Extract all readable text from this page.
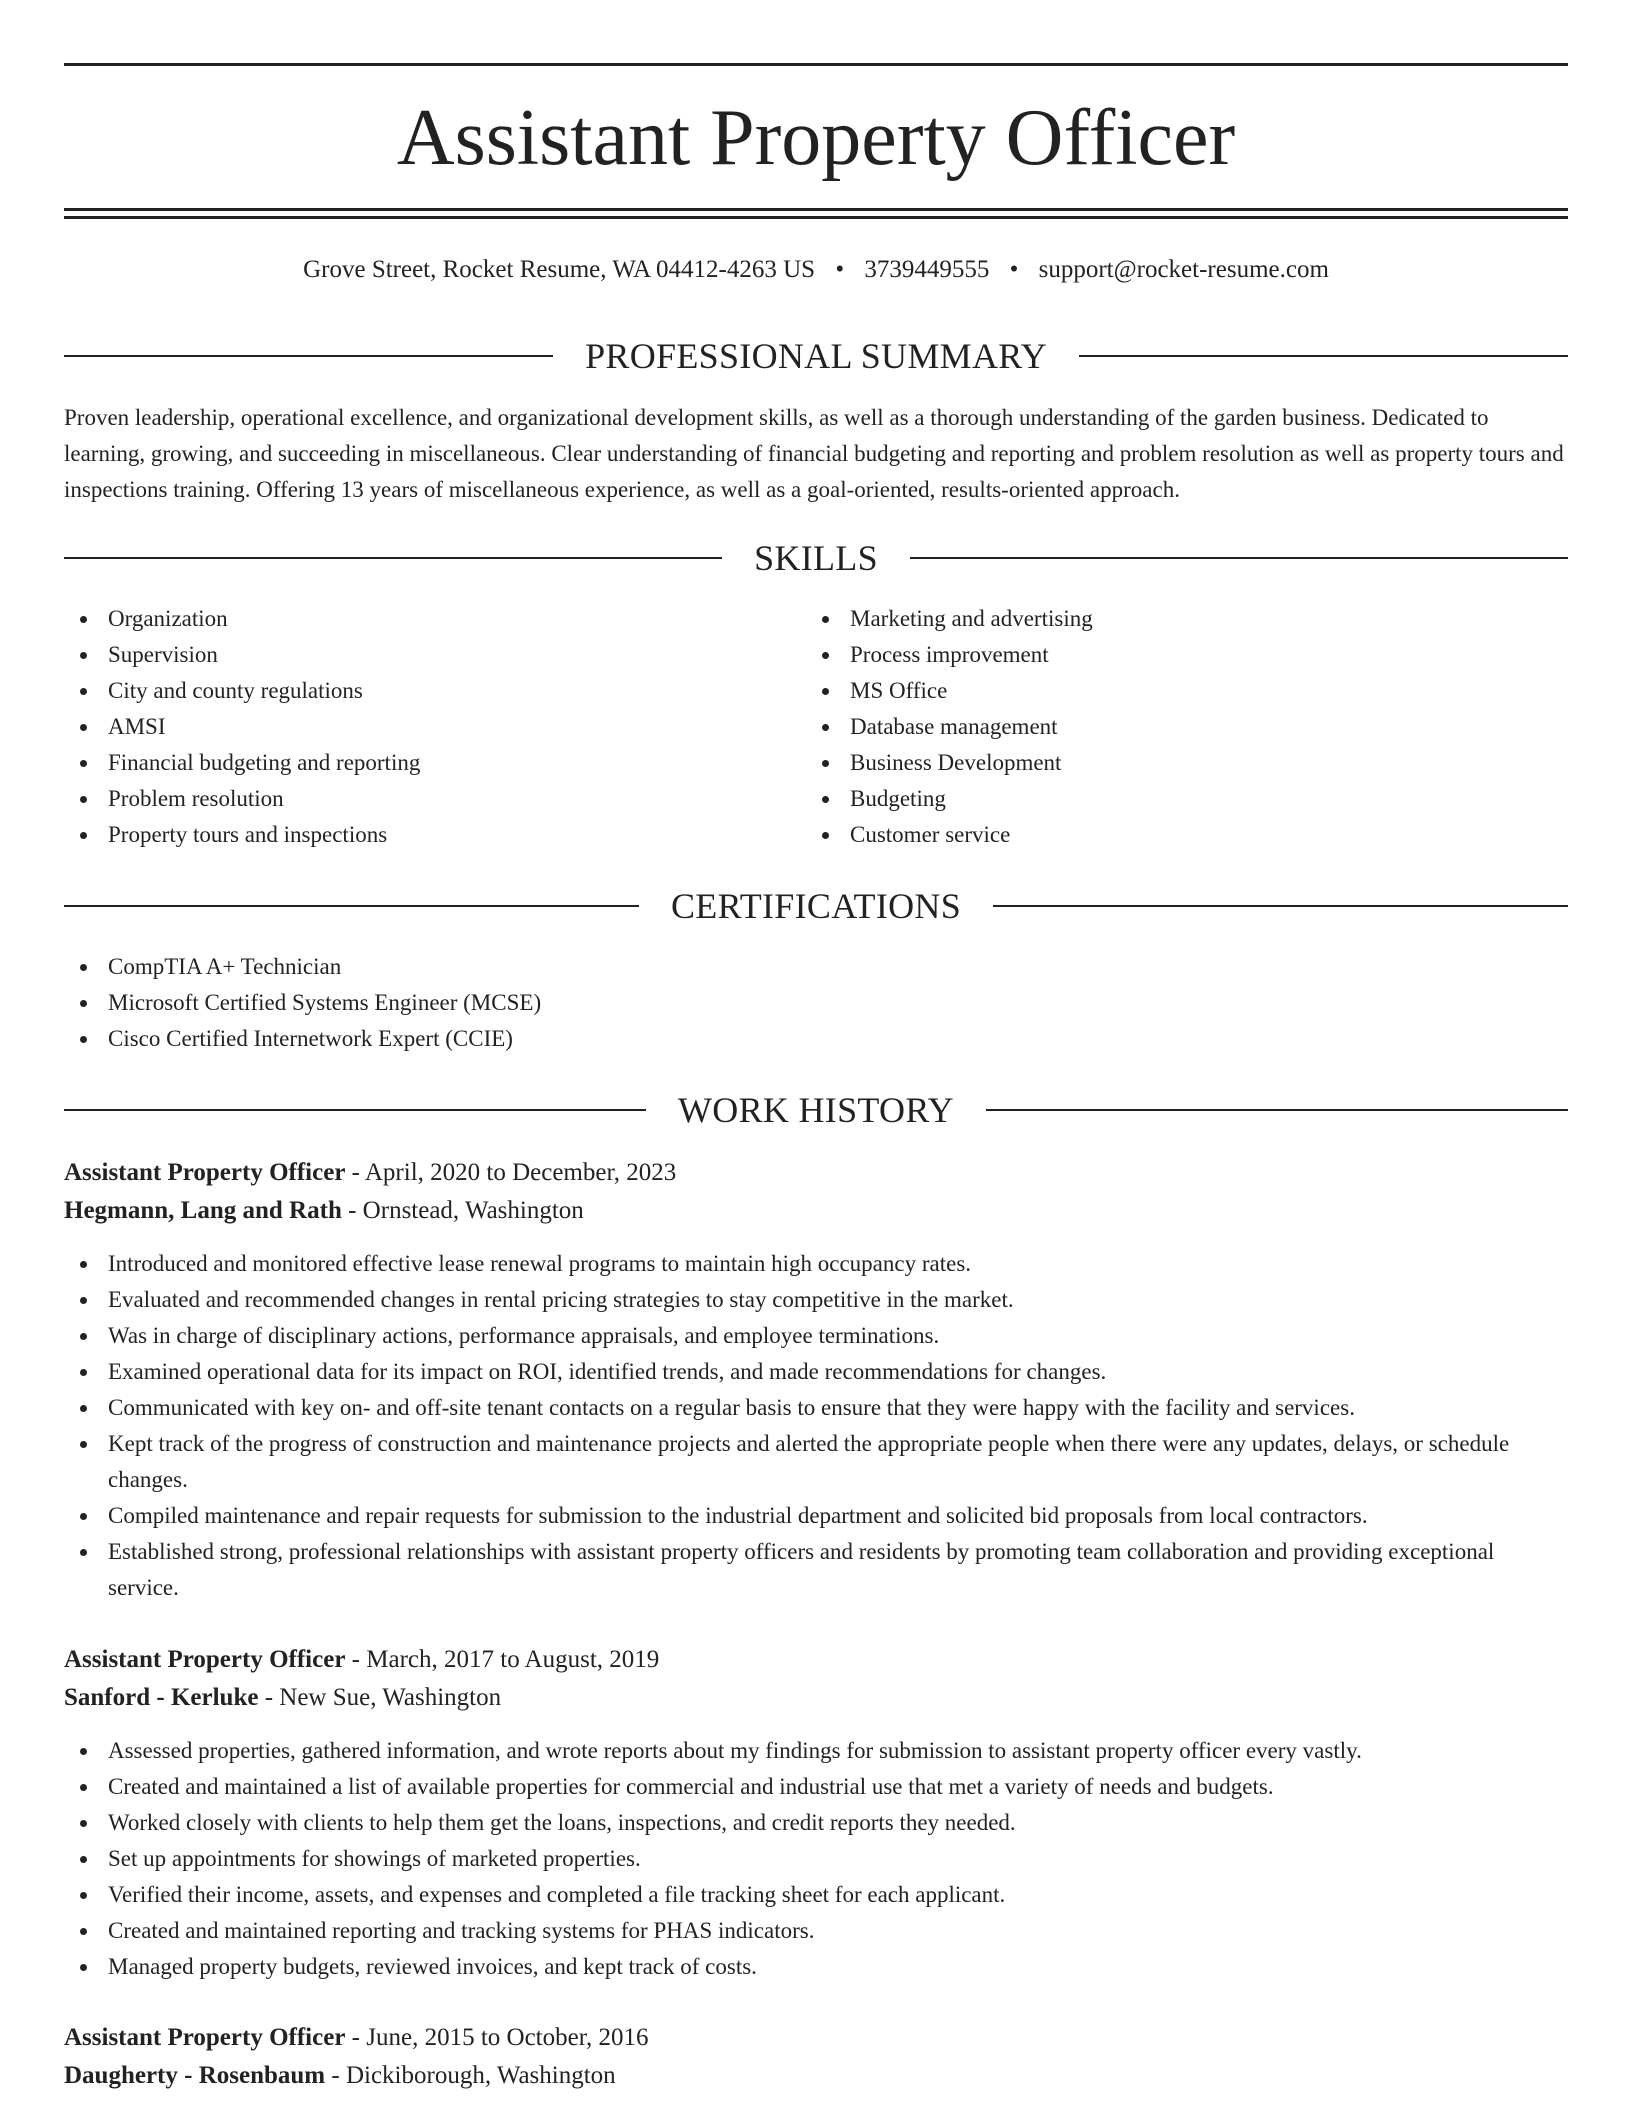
Assistant Property Officer
Grove Street, Rocket Resume, WA 04412-4263 US • 3739449555 • support@rocket-resume.com
PROFESSIONAL SUMMARY

Proven leadership, operational excellence, and organizational development skills, as well as a thorough understanding of the garden business. Dedicated to learning, growing, and succeeding in miscellaneous. Clear understanding of financial budgeting and reporting and problem resolution as well as property tours and inspections training. Offering 13 years of miscellaneous experience, as well as a goal-oriented, results-oriented approach.

SKILLS
Organization
Supervision
City and county regulations
AMSI
Financial budgeting and reporting
Problem resolution
Property tours and inspections
Marketing and advertising
Process improvement
MS Office
Database management
Business Development
Budgeting
Customer service
CERTIFICATIONS
CompTIA A+ Technician
Microsoft Certified Systems Engineer (MCSE)
Cisco Certified Internetwork Expert (CCIE)
WORK HISTORY
Assistant Property Officer - April, 2020 to December, 2023
Hegmann, Lang and Rath - Ornstead, Washington
Introduced and monitored effective lease renewal programs to maintain high occupancy rates.
Evaluated and recommended changes in rental pricing strategies to stay competitive in the market.
Was in charge of disciplinary actions, performance appraisals, and employee terminations.
Examined operational data for its impact on ROI, identified trends, and made recommendations for changes.
Communicated with key on- and off-site tenant contacts on a regular basis to ensure that they were happy with the facility and services.
Kept track of the progress of construction and maintenance projects and alerted the appropriate people when there were any updates, delays, or schedule changes.
Compiled maintenance and repair requests for submission to the industrial department and solicited bid proposals from local contractors.
Established strong, professional relationships with assistant property officers and residents by promoting team collaboration and providing exceptional service.
Assistant Property Officer - March, 2017 to August, 2019
Sanford - Kerluke - New Sue, Washington
Assessed properties, gathered information, and wrote reports about my findings for submission to assistant property officer every vastly.
Created and maintained a list of available properties for commercial and industrial use that met a variety of needs and budgets.
Worked closely with clients to help them get the loans, inspections, and credit reports they needed.
Set up appointments for showings of marketed properties.
Verified their income, assets, and expenses and completed a file tracking sheet for each applicant.
Created and maintained reporting and tracking systems for PHAS indicators.
Managed property budgets, reviewed invoices, and kept track of costs.
Assistant Property Officer - June, 2015 to October, 2016
Daugherty - Rosenbaum - Dickiborough, Washington
